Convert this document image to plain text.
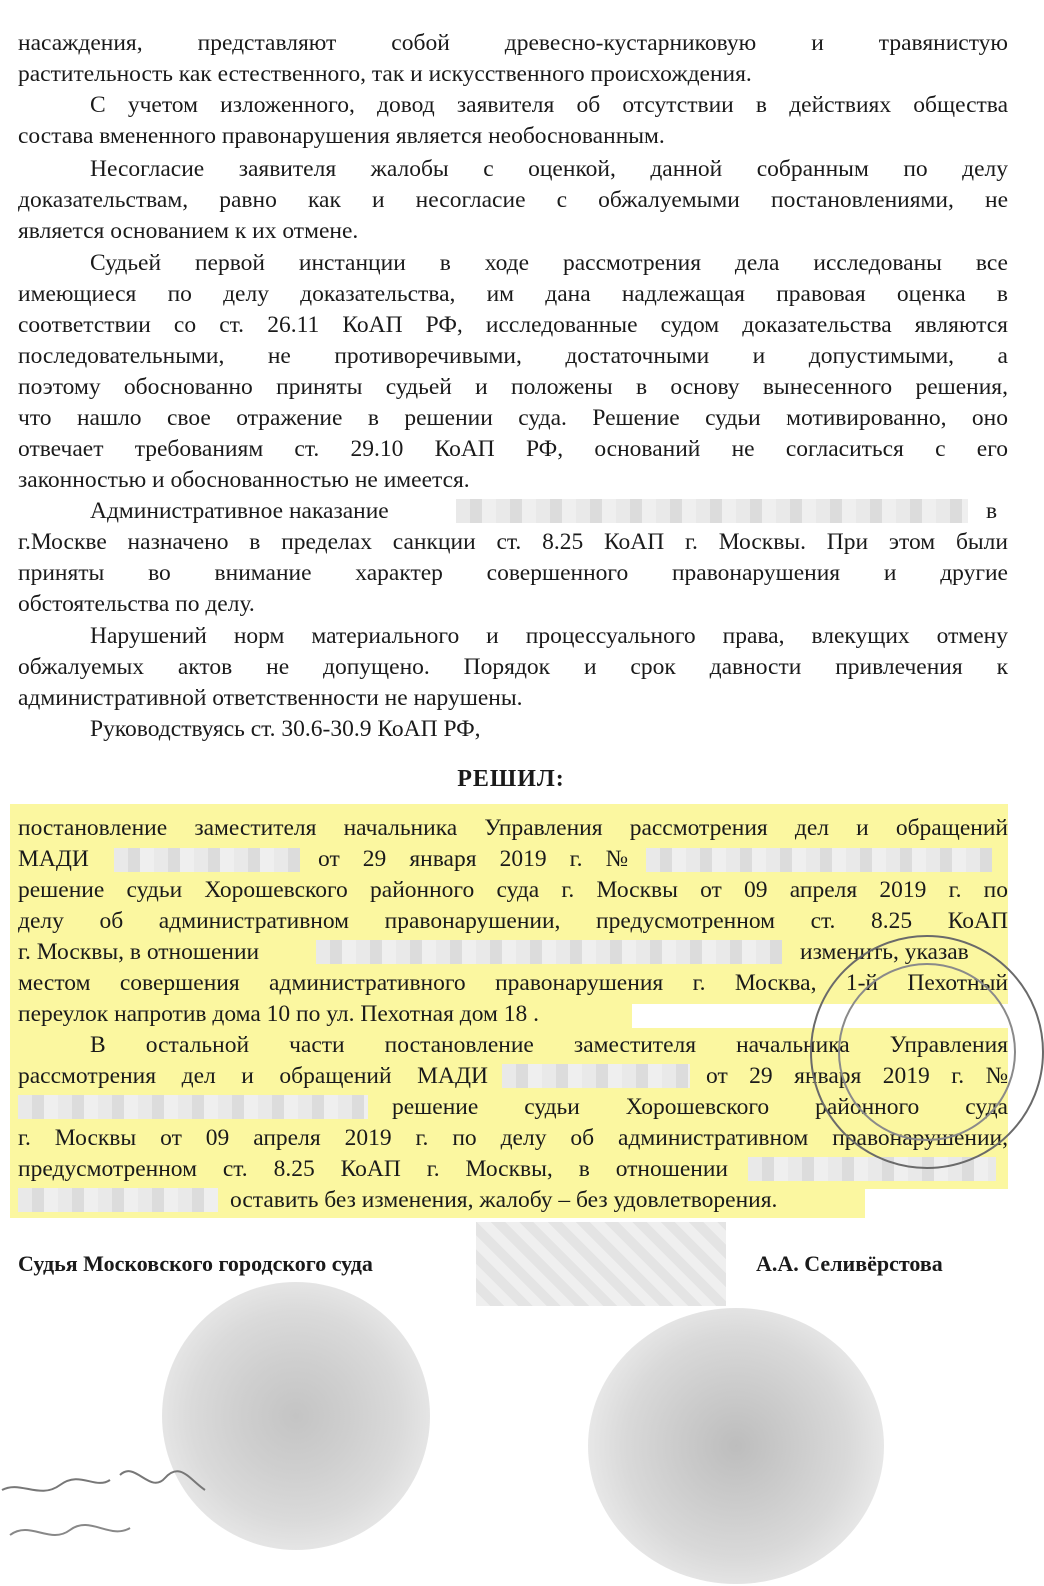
насаждения, представляют собой древесно-кустарниковую и травянистую
растительность как естественного, так и искусственного происхождения.
С учетом изложенного, довод заявителя об отсутствии в действиях общества
состава вмененного правонарушения является необоснованным.
Несогласие заявителя жалобы с оценкой, данной собранным по делу
доказательствам, равно как и несогласие с обжалуемыми постановлениями, не
является основанием к их отмене.
Судьей первой инстанции в ходе рассмотрения дела исследованы все
имеющиеся по делу доказательства, им дана надлежащая правовая оценка в
соответствии со ст. 26.11 КоАП РФ, исследованные судом доказательства являются
последовательными, не противоречивыми, достаточными и допустимыми, а
поэтому обоснованно приняты судьей и положены в основу вынесенного решения,
что нашло свое отражение в решении суда. Решение судьи мотивированно, оно
отвечает требованиям ст. 29.10 КоАП РФ, оснований не согласиться с его
законностью и обоснованностью не имеется.
Административное наказание	в
г.Москве назначено в пределах санкции ст. 8.25 КоАП г. Москвы. При этом были
приняты во внимание характер совершенного правонарушения и другие
обстоятельства по делу.
Нарушений норм материального и процессуального права, влекущих отмену
обжалуемых актов не допущено. Порядок и срок давности привлечения к
административной ответственности не нарушены.
Руководствуясь ст. 30.6-30.9 КоАП РФ,
РЕШИЛ:
постановление заместителя начальника Управления рассмотрения дел и обращений
МАДИ	от 29 января 2019 г. №
решение судьи Хорошевского районного суда г. Москвы от 09 апреля 2019 г. по
делу об административном правонарушении, предусмотренном ст. 8.25 КоАП
г. Москвы, в отношении	изменить, указав
местом совершения административного правонарушения г. Москва, 1-й Пехотный
переулок напротив дома 10 по ул. Пехотная дом 18 .
В остальной части постановление заместителя начальника Управления
рассмотрения дел и обращений МАДИ	от 29 января 2019 г. №
решение судьи Хорошевского районного суда
г. Москвы от 09 апреля 2019 г. по делу об административном правонарушении,
предусмотренном ст. 8.25 КоАП г. Москвы, в отношении
оставить без изменения, жалобу – без удовлетворения.
Судья Московского городского суда	А.А. Селивёрстова
